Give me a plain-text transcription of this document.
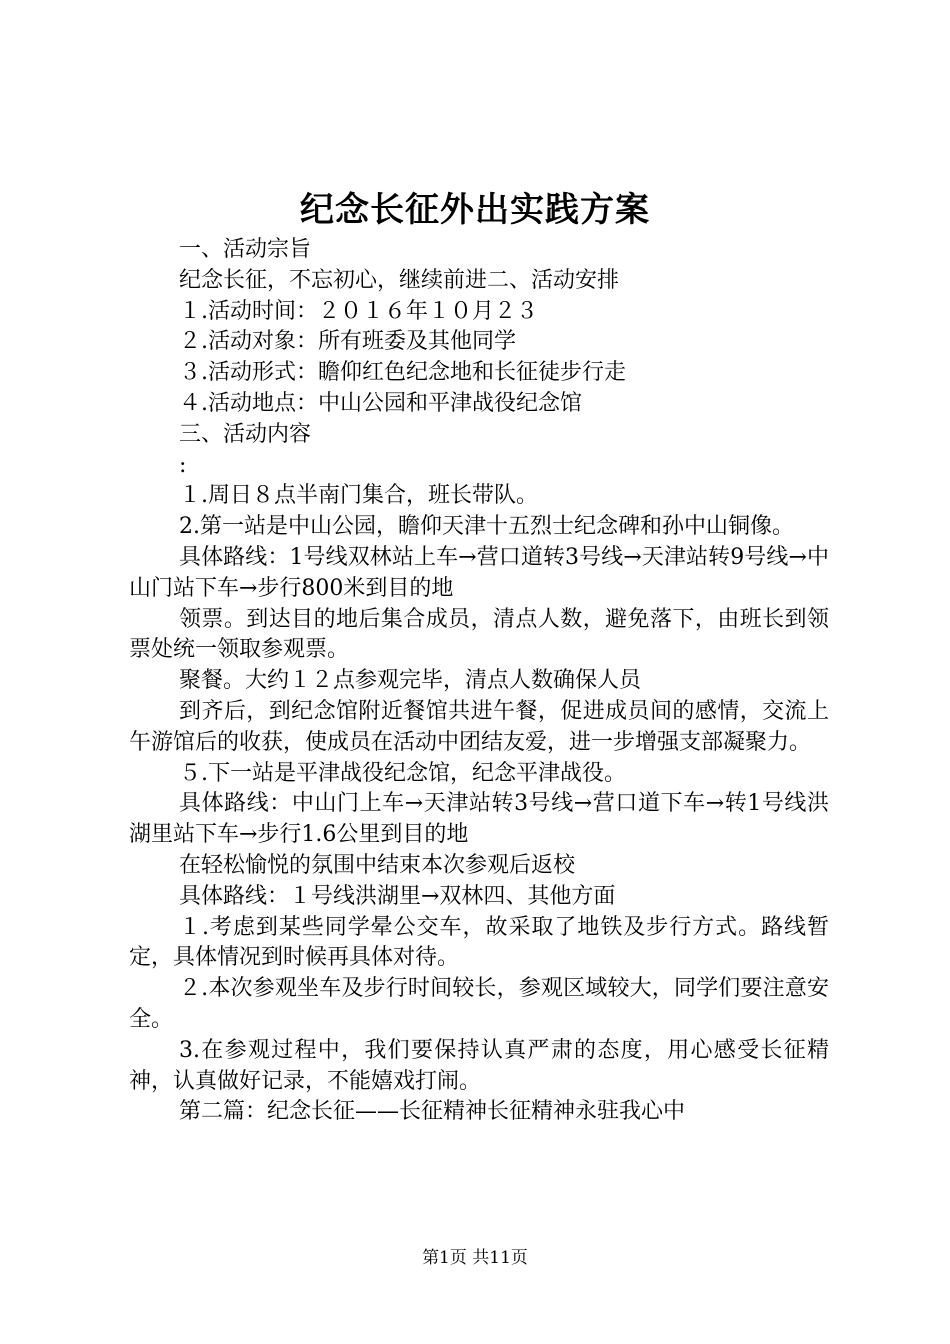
纪念长征外出实践方案

一、活动宗旨

纪念长征，不忘初心，继续前进二、活动安排

１.活动时间：２０１６年１０月２３

２.活动对象：所有班委及其他同学

３.活动形式：瞻仰红色纪念地和长征徒步行走

４.活动地点：中山公园和平津战役纪念馆

三、活动内容

:

１.周日８点半南门集合，班长带队。

2.第一站是中山公园，瞻仰天津十五烈士纪念碑和孙中山铜像。

具体路线：1号线双林站上车→营口道转3号线→天津站转9号线→中山门站下车→步行800米到目的地

领票。到达目的地后集合成员，清点人数，避免落下，由班长到领票处统一领取参观票。

聚餐。大约１２点参观完毕，清点人数确保人员

到齐后，到纪念馆附近餐馆共进午餐，促进成员间的感情，交流上午游馆后的收获，使成员在活动中团结友爱，进一步增强支部凝聚力。

５.下一站是平津战役纪念馆，纪念平津战役。

具体路线：中山门上车→天津站转3号线→营口道下车→转1号线洪湖里站下车→步行1.6公里到目的地

在轻松愉悦的氛围中结束本次参观后返校

具体路线：１号线洪湖里→双林四、其他方面

１.考虑到某些同学晕公交车，故采取了地铁及步行方式。路线暂定，具体情况到时候再具体对待。

２.本次参观坐车及步行时间较长，参观区域较大，同学们要注意安全。

3.在参观过程中，我们要保持认真严肃的态度，用心感受长征精神，认真做好记录，不能嬉戏打闹。

第二篇：纪念长征——长征精神长征精神永驻我心中

第1页 共11页
